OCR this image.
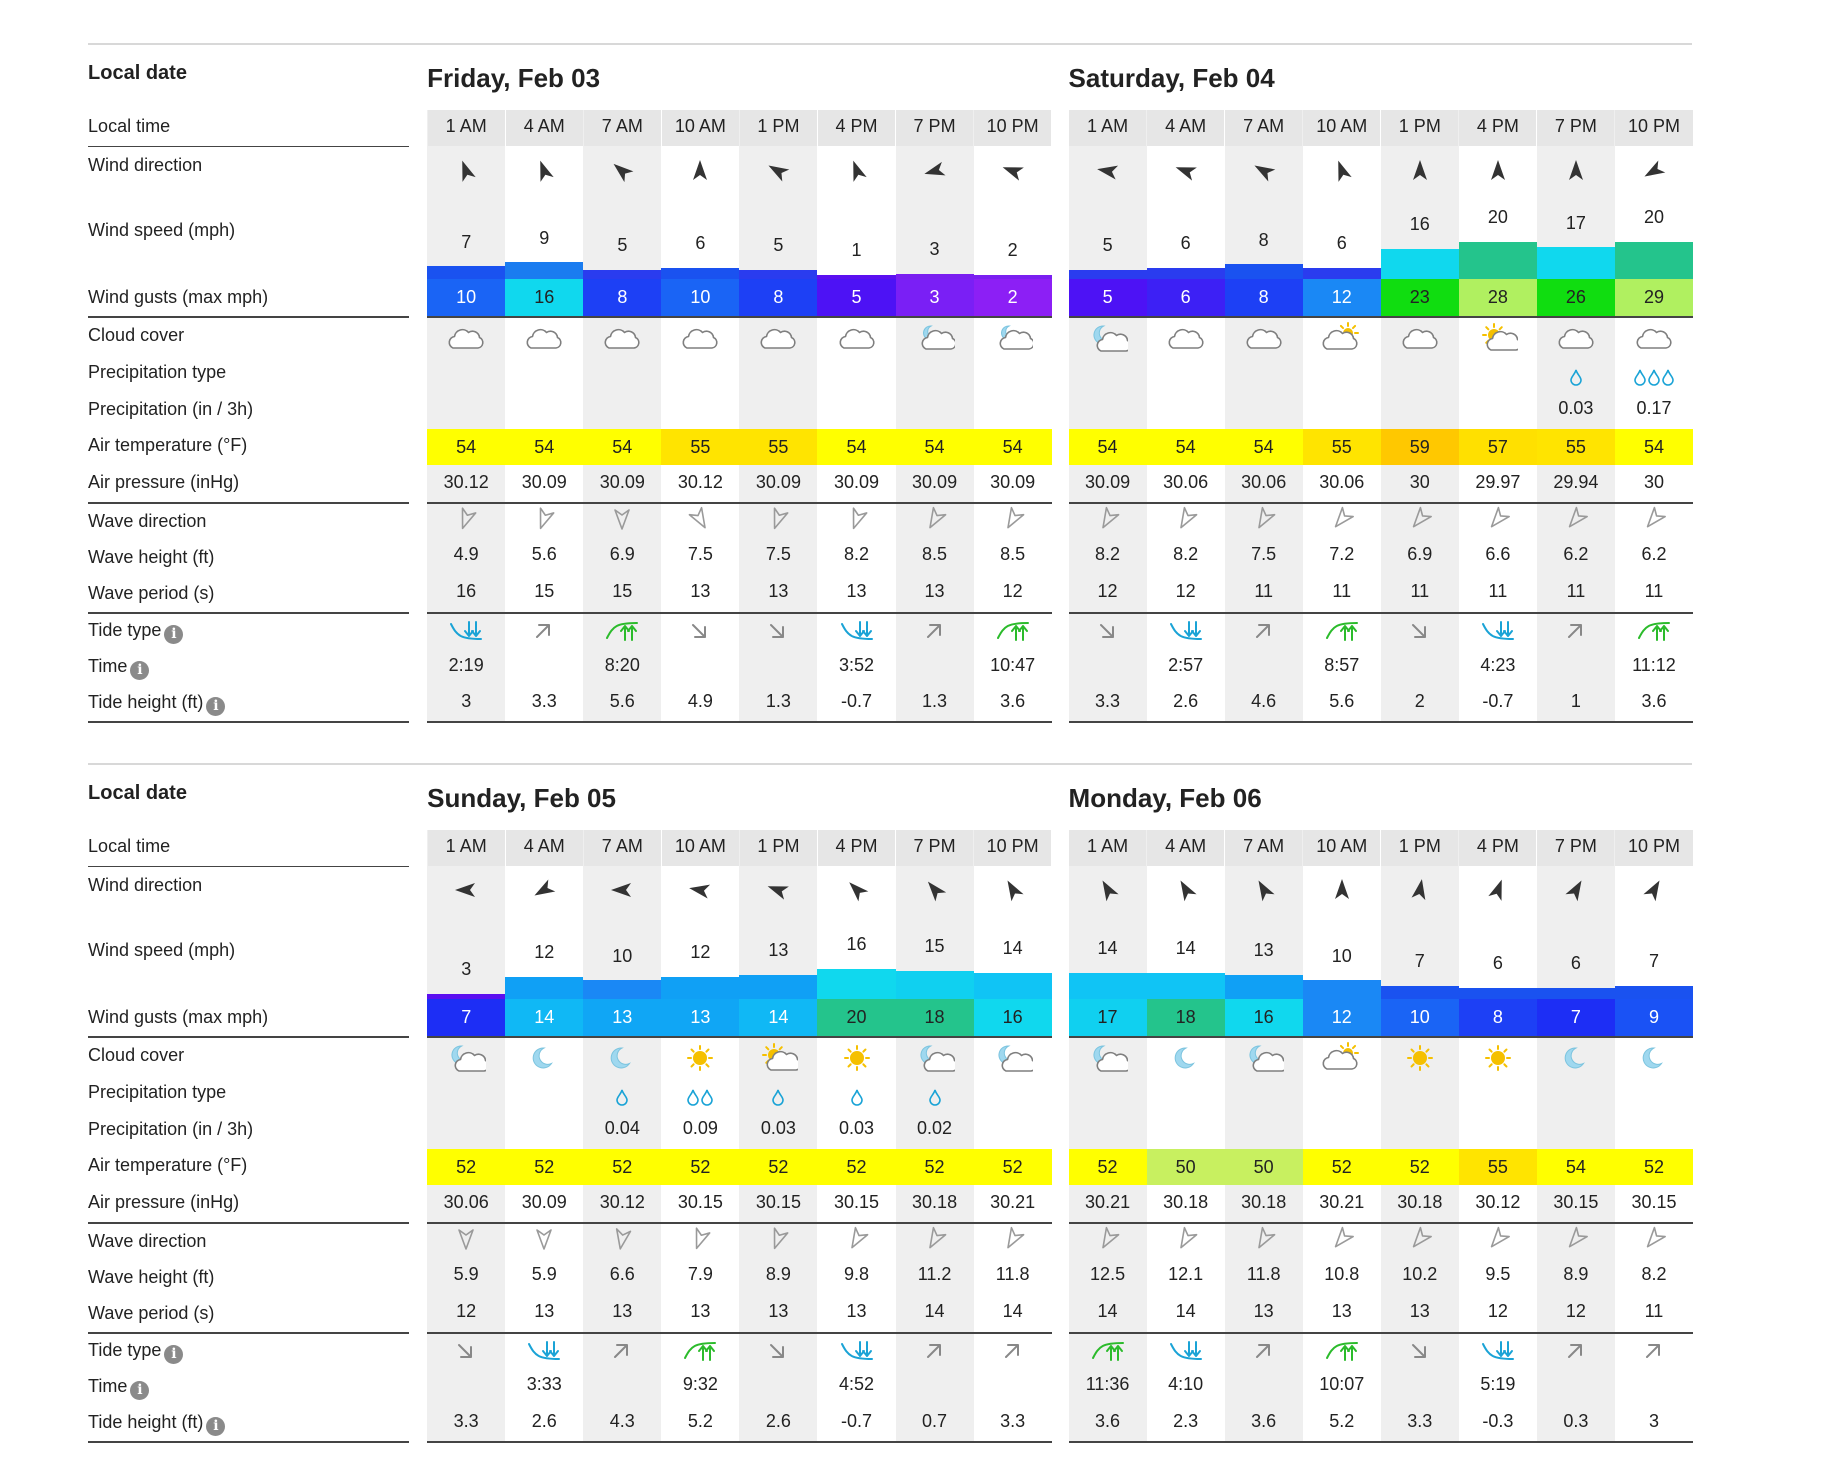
Local date
Local time
Wind direction
Wind speed (mph)
Wind gusts (max mph)
Cloud cover
Precipitation type
Precipitation (in / 3h)
Air temperature (°F)
Air pressure (inHg)
Wave direction
Wave height (ft)
Wave period (s)
Tide type i
Time i
Tide height (ft) i
Friday, Feb 03
1 AM
7
10
54
30.12
4.9
16
2:19
3
4 AM
9
16
54
30.09
5.6
15
3.3
7 AM
5
8
54
30.09
6.9
15
8:20
5.6
10 AM
6
10
55
30.12
7.5
13
4.9
1 PM
5
8
55
30.09
7.5
13
1.3
4 PM
1
5
54
30.09
8.2
13
3:52
-0.7
7 PM
3
3
54
30.09
8.5
13
1.3
10 PM
2
2
54
30.09
8.5
12
10:47
3.6
Saturday, Feb 04
1 AM
5
5
54
30.09
8.2
12
3.3
4 AM
6
6
54
30.06
8.2
12
2:57
2.6
7 AM
8
8
54
30.06
7.5
11
4.6
10 AM
6
12
55
30.06
7.2
11
8:57
5.6
1 PM
16
23
59
30
6.9
11
2
4 PM
20
28
57
29.97
6.6
11
4:23
-0.7
7 PM
17
26
0.03
55
29.94
6.2
11
1
10 PM
20
29
0.17
54
30
6.2
11
11:12
3.6
Local date
Local time
Wind direction
Wind speed (mph)
Wind gusts (max mph)
Cloud cover
Precipitation type
Precipitation (in / 3h)
Air temperature (°F)
Air pressure (inHg)
Wave direction
Wave height (ft)
Wave period (s)
Tide type i
Time i
Tide height (ft) i
Sunday, Feb 05
1 AM
3
7
52
30.06
5.9
12
3.3
4 AM
12
14
52
30.09
5.9
13
3:33
2.6
7 AM
10
13
0.04
52
30.12
6.6
13
4.3
10 AM
12
13
0.09
52
30.15
7.9
13
9:32
5.2
1 PM
13
14
0.03
52
30.15
8.9
13
2.6
4 PM
16
20
0.03
52
30.15
9.8
13
4:52
-0.7
7 PM
15
18
0.02
52
30.18
11.2
14
0.7
10 PM
14
16
52
30.21
11.8
14
3.3
Monday, Feb 06
1 AM
14
17
52
30.21
12.5
14
11:36
3.6
4 AM
14
18
50
30.18
12.1
14
4:10
2.3
7 AM
13
16
50
30.18
11.8
13
3.6
10 AM
10
12
52
30.21
10.8
13
10:07
5.2
1 PM
7
10
52
30.18
10.2
13
3.3
4 PM
6
8
55
30.12
9.5
12
5:19
-0.3
7 PM
6
7
54
30.15
8.9
12
0.3
10 PM
7
9
52
30.15
8.2
11
3
